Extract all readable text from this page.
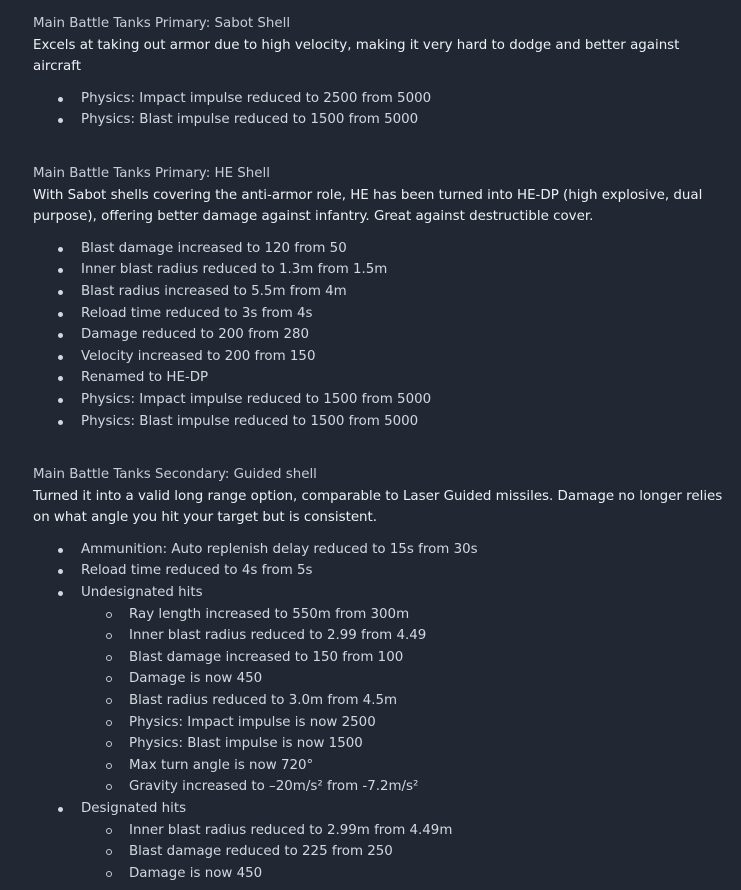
Main Battle Tanks Primary: Sabot Shell

Excels at taking out armor due to high velocity, making it very hard to dodge and better against aircraft

Physics: Impact impulse reduced to 2500 from 5000
Physics: Blast impulse reduced to 1500 from 5000

Main Battle Tanks Primary: HE Shell

With Sabot shells covering the anti-armor role, HE has been turned into HE-DP (high explosive, dual purpose), offering better damage against infantry. Great against destructible cover.

Blast damage increased to 120 from 50
Inner blast radius reduced to 1.3m from 1.5m
Blast radius increased to 5.5m from 4m
Reload time reduced to 3s from 4s
Damage reduced to 200 from 280
Velocity increased to 200 from 150
Renamed to HE-DP
Physics: Impact impulse reduced to 1500 from 5000
Physics: Blast impulse reduced to 1500 from 5000

Main Battle Tanks Secondary: Guided shell

Turned it into a valid long range option, comparable to Laser Guided missiles. Damage no longer relies on what angle you hit your target but is consistent.

Ammunition: Auto replenish delay reduced to 15s from 30s
Reload time reduced to 4s from 5s
Undesignated hits
Ray length increased to 550m from 300m
Inner blast radius reduced to 2.99 from 4.49
Blast damage increased to 150 from 100
Damage is now 450
Blast radius reduced to 3.0m from 4.5m
Physics: Impact impulse is now 2500
Physics: Blast impulse is now 1500
Max turn angle is now 720°
Gravity increased to –20m/s² from -7.2m/s²
Designated hits
Inner blast radius reduced to 2.99m from 4.49m
Blast damage reduced to 225 from 250
Damage is now 450
